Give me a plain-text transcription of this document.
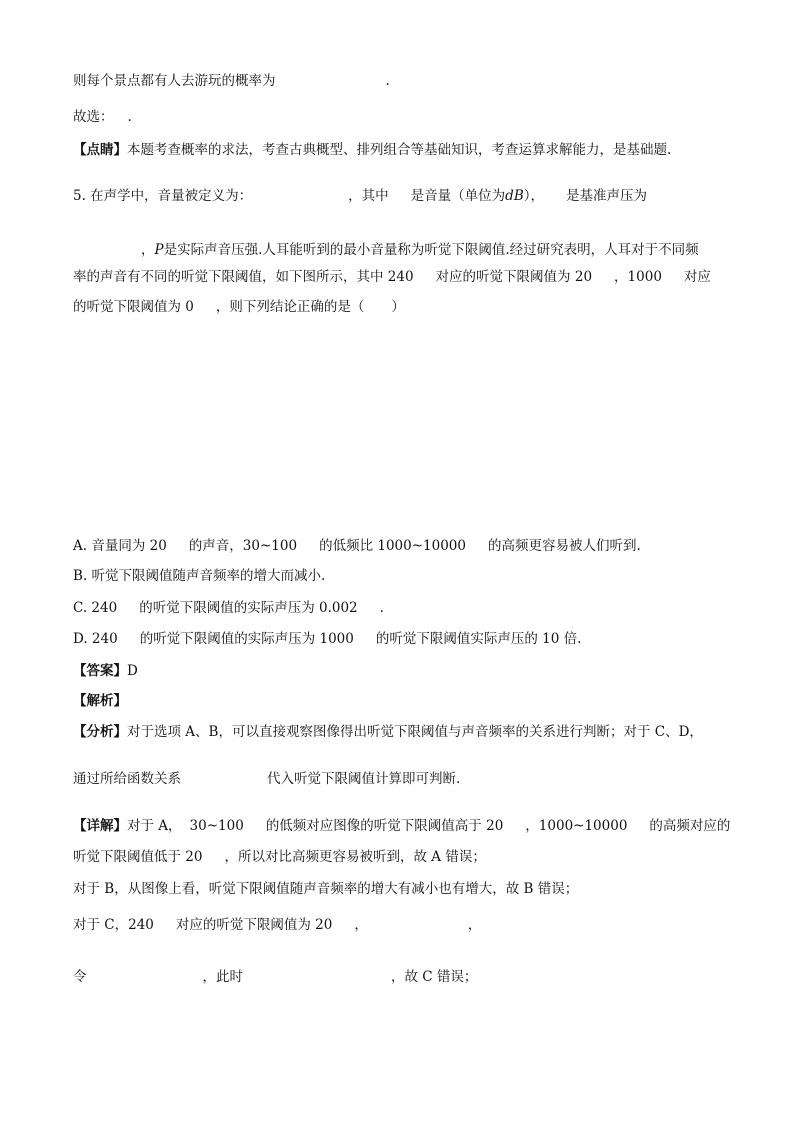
则每个景点都有人去游玩的概率为	.
故选： .
【点睛】本题考查概率的求法，考查古典概型、排列组合等基础知识，考查运算求解能力，是基础题.
5. 在声学中，音量被定义为：	，其中 是音量（单位为dB）， 是基准声压为
，P是实际声音压强.人耳能听到的最小音量称为听觉下限阈值.经过研究表明，人耳对于不同频
率的声音有不同的听觉下限阈值，如下图所示，其中 240 对应的听觉下限阈值为 20 ，1000 对应
的听觉下限阈值为 0 ，则下列结论正确的是（　　）
A. 音量同为 20 的声音，30~100 的低频比 1000~10000 的高频更容易被人们听到.
B. 听觉下限阈值随声音频率的增大而减小.
C. 240 的听觉下限阈值的实际声压为 0.002 .
D. 240 的听觉下限阈值的实际声压为 1000 的听觉下限阈值实际声压的 10 倍.
【答案】D
【解析】
【分析】对于选项 A、B，可以直接观察图像得出听觉下限阈值与声音频率的关系进行判断；对于 C、D，
通过所给函数关系	代入听觉下限阈值计算即可判断.
【详解】对于 A， 30~100 的低频对应图像的听觉下限阈值高于 20 ，1000~10000 的高频对应的
听觉下限阈值低于 20 ，所以对比高频更容易被听到，故 A 错误；
对于 B，从图像上看，听觉下限阈值随声音频率的增大有减小也有增大，故 B 错误；
对于 C，240 对应的听觉下限阈值为 20 ，	，
令	，此时	，故 C 错误；
